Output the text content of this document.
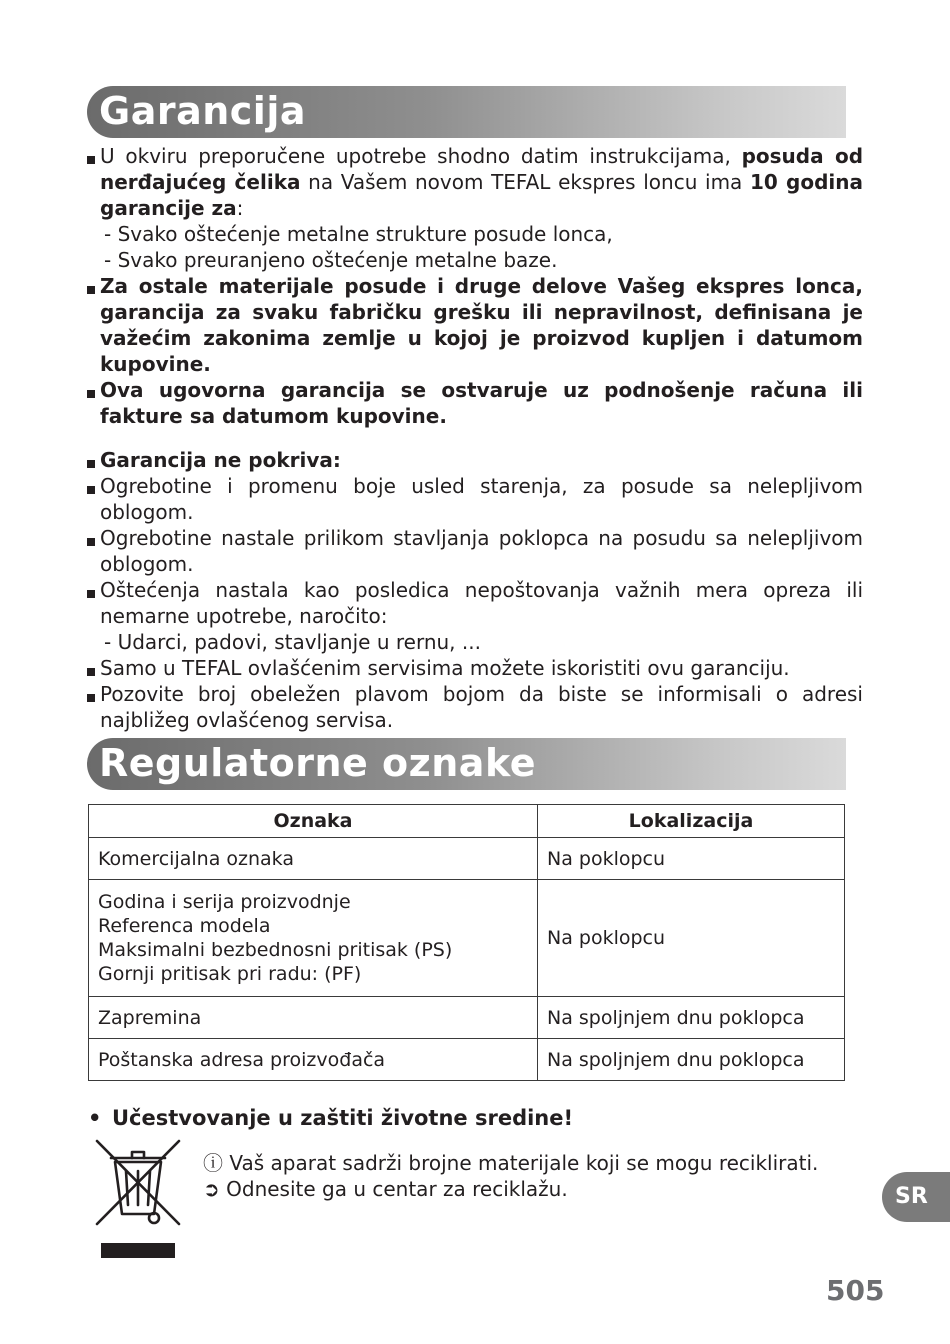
Garancija
U okviru preporučene upotrebe shodno datim instrukcijama, posuda od nerđajućeg čelika na Vašem novom TEFAL ekspres loncu ima 10 godina garancije za:
- Svako oštećenje metalne strukture posude lonca,
- Svako preuranjeno oštećenje metalne baze.
Za ostale materijale posude i druge delove Vašeg ekspres lonca, garancija za svaku fabričku grešku ili nepravilnost, definisana je važećim zakonima zemlje u kojoj je proizvod kupljen i datumom kupovine.
Ova ugovorna garancija se ostvaruje uz podnošenje računa ili fakture sa datumom kupovine.
Garancija ne pokriva:
Ogrebotine i promenu boje usled starenja, za posude sa nelepljivom oblogom.
Ogrebotine nastale prilikom stavljanja poklopca na posudu sa nelepljivom oblogom.
Oštećenja nastala kao posledica nepoštovanja važnih mera opreza ili nemarne upotrebe, naročito:
- Udarci, padovi, stavljanje u rernu, ...
Samo u TEFAL ovlašćenim servisima možete iskoristiti ovu garanciju.
Pozovite broj obeležen plavom bojom da biste se informisali o adresi najbližeg ovlašćenog servisa.
Regulatorne oznake
Oznaka	Lokalizacija
Komercijalna oznaka	Na poklopcu

Godina i serija proizvodnje
Referenca modela
Maksimalni bezbednosni pritisak (PS)
Gornji pritisak pri radu: (PF)	Na poklopcu
Zapremina	Na spoljnjem dnu poklopca
Poštanska adresa proizvođača	Na spoljnjem dnu poklopca
• Učestvovanje u zaštiti životne sredine!
ⓘ Vaš aparat sadrži brojne materijale koji se mogu reciklirati.
➲ Odnesite ga u centar za reciklažu.	SR
505
